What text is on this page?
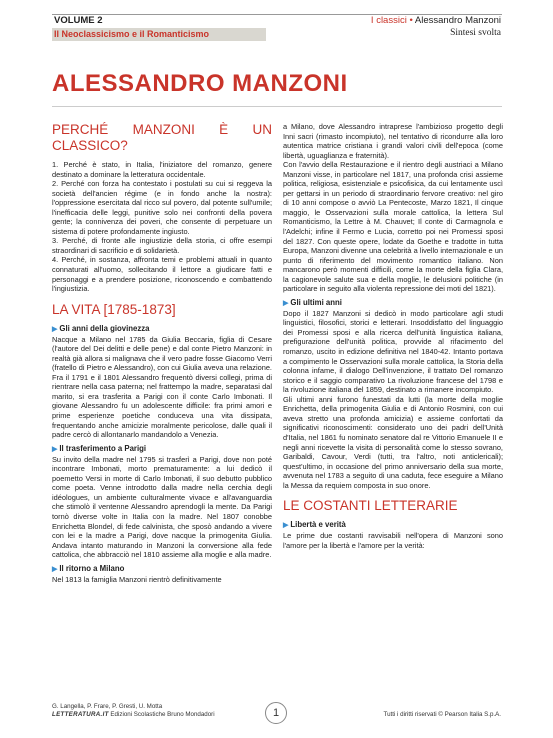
VOLUME 2
Il Neoclassicismo e il Romanticismo
I classici • Alessandro Manzoni
Sintesi svolta
ALESSANDRO MANZONI
PERCHÉ MANZONI È UN CLASSICO?

1. Perché è stato, in Italia, l'iniziatore del romanzo, genere destinato a dominare la letteratura occidentale.

2. Perché con forza ha contestato i postulati su cui si reggeva la società dell'ancien régime (e in fondo anche la nostra): l'oppressione esercitata dal ricco sul povero, dal potente sull'umile; l'inefficacia delle leggi, punitive solo nei confronti della povera gente; la connivenza dei poveri, che consente di perpetuare un sistema di potere profondamente ingiusto.

3. Perché, di fronte alle ingiustizie della storia, ci offre esempi straordinari di sacrificio e di solidarietà.

4. Perché, in sostanza, affronta temi e problemi attuali in quanto connaturati all'uomo, sollecitando il lettore a giudicare fatti e personaggi e a prendere posizione, riconoscendo e combattendo l'ingiustizia.

LA VITA [1785-1873]
▶ Gli anni della giovinezza

Nacque a Milano nel 1785 da Giulia Beccaria, figlia di Cesare (l'autore del Dei delitti e delle pene) e dal conte Pietro Manzoni: in realtà già allora si malignava che il vero padre fosse Giacomo Verri (fratello di Pietro e Alessandro), con cui Giulia aveva una relazione. Fra il 1791 e il 1801 Alessandro frequentò diversi collegi, prima di rientrare nella casa paterna; nel frattempo la madre, separatasi dal marito, si era trasferita a Parigi con il conte Carlo Imbonati. Il giovane Alessandro fu un adolescente difficile: fra primi amori e prime esperienze poetiche conduceva una vita dissipata, frequentando anche amicizie moralmente pericolose, dalle quali il padre cercò di allontanarlo mandandolo a Venezia.

▶ Il trasferimento a Parigi

Su invito della madre nel 1795 si trasferì a Parigi, dove non poté incontrare Imbonati, morto prematuramente: a lui dedicò il poemetto Versi in morte di Carlo Imbonati, il suo debutto pubblico come poeta. Venne introdotto dalla madre nella cerchia degli idéologues, un ambiente culturalmente vivace e all'avanguardia che stimolò il ventenne Alessandro aprendogli la mente. Da Parigi tornò diverse volte in Italia con la madre. Nel 1807 conobbe Enrichetta Blondel, di fede calvinista, che sposò andando a vivere con lei e la madre a Parigi, dove nacque la primogenita Giulia. Andava intanto maturando in Manzoni la conversione alla fede cattolica, che abbracciò nel 1810 assieme alla moglie e alla madre.

▶ Il ritorno a Milano

Nel 1813 la famiglia Manzoni rientrò definitivamente

a Milano, dove Alessandro intraprese l'ambizioso progetto degli Inni sacri (rimasto incompiuto), nel tentativo di ricondurre alla loro autentica matrice cristiana i grandi valori civili dell'epoca (come libertà, uguaglianza e fraternità).

Con l'avvio della Restaurazione e il rientro degli austriaci a Milano Manzoni visse, in particolare nel 1817, una profonda crisi assieme politica, religiosa, esistenziale e psicofisica, da cui lentamente uscì per gettarsi in un periodo di straordinario fervore creativo: nel giro di 10 anni compose o avviò La Pentecoste, Marzo 1821, Il cinque maggio, le Osservazioni sulla morale cattolica, la lettera Sul Romanticismo, la Lettre à M. Chauvet; Il conte di Carmagnola e l'Adelchi; infine il Fermo e Lucia, corretto poi nei Promessi sposi del 1827. Con queste opere, lodate da Goethe e tradotte in tutta Europa, Manzoni divenne una celebrità a livello internazionale e un punto di riferimento del movimento romantico italiano. Non mancarono però momenti difficili, come la morte della figlia Clara, la cagionevole salute sua e della moglie, le delusioni politiche (in particolare in seguito alla violenta repressione dei moti del 1821).

▶ Gli ultimi anni

Dopo il 1827 Manzoni si dedicò in modo particolare agli studi linguistici, filosofici, storici e letterari. Insoddisfatto del linguaggio dei Promessi sposi e alla ricerca dell'unità linguistica italiana, prefigurazione dell'unità politica, provvide al rifacimento del romanzo, uscito in edizione definitiva nel 1840-42. Intanto portava a compimento le Osservazioni sulla morale cattolica, la Storia della colonna infame, il dialogo Dell'invenzione, il trattato Del romanzo storico e il saggio comparativo La rivoluzione francese del 1798 e la rivoluzione italiana del 1859, destinato a rimanere incompiuto.

Gli ultimi anni furono funestati da lutti (la morte della moglie Enrichetta, della primogenita Giulia e di Antonio Rosmini, con cui aveva stretto una profonda amicizia) e assieme confortati da significativi riconoscimenti: considerato uno dei padri dell'Unità d'Italia, nel 1861 fu nominato senatore dal re Vittorio Emanuele II e negli anni ricevette la visita di personalità come lo stesso sovrano, Garibaldi, Cavour, Verdi (tutti, tra l'altro, noti anticlericali); quest'ultimo, in occasione del primo anniversario della sua morte, avvenuta nel 1783 a seguito di una caduta, fece eseguire a Milano la Messa da requiem composta in suo onore.

LE COSTANTI LETTERARIE
▶ Libertà e verità

Le prime due costanti ravvisabili nell'opera di Manzoni sono l'amore per la libertà e l'amore per la verità:

G. Langella, P. Frare, P. Gresti, U. Motta
LETTERATURA.IT Edizioni Scolastiche Bruno Mondadori	1	Tutti i diritti riservati © Pearson Italia S.p.A.
